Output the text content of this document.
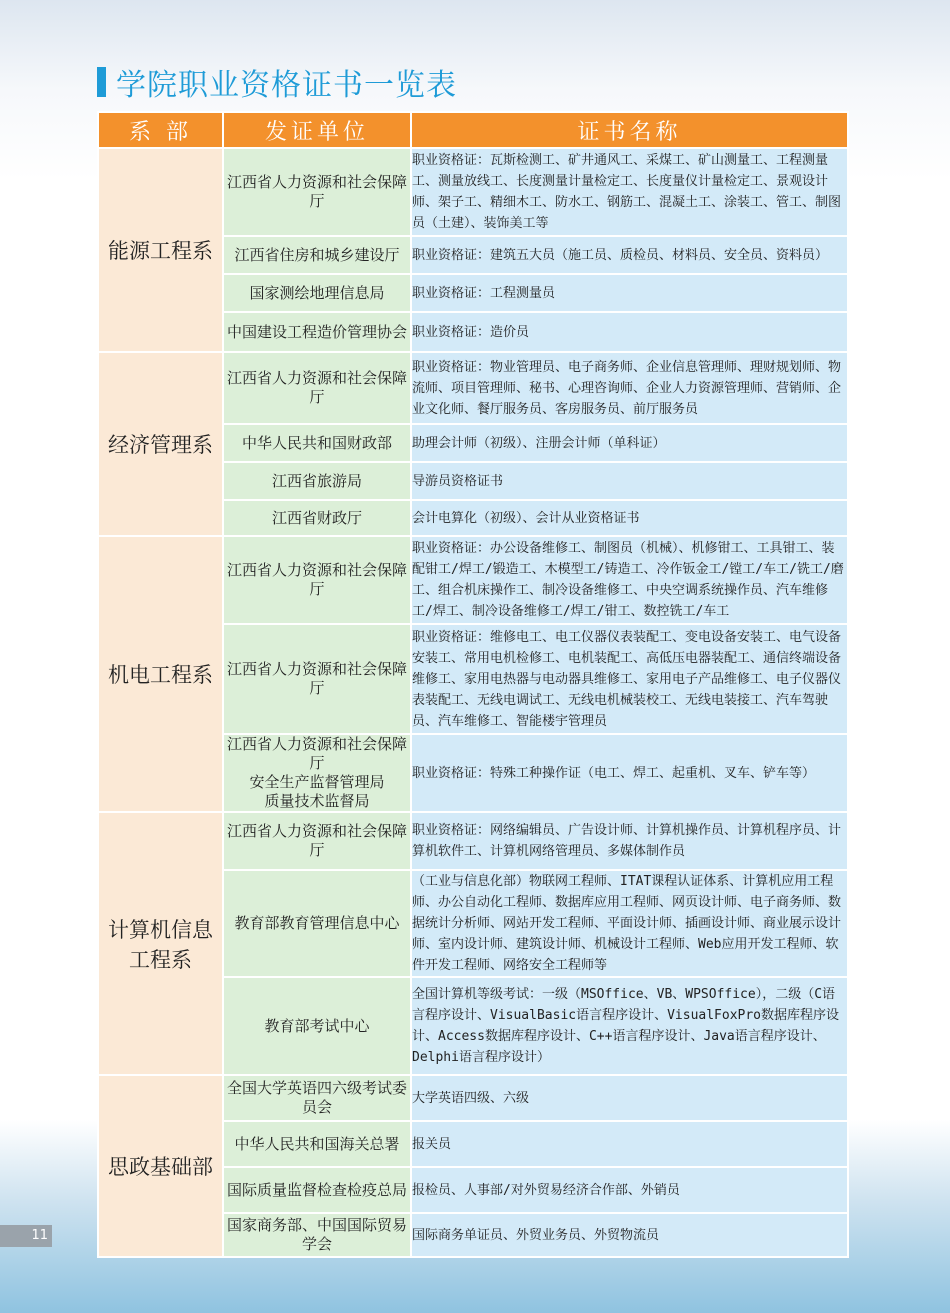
学院职业资格证书一览表
系 部	发证单位	证书名称
能源工程系	江西省人力资源和社会保障厅	职业资格证：瓦斯检测工、矿井通风工、采煤工、矿山测量工、工程测量工、测量放线工、长度测量计量检定工、长度量仪计量检定工、景观设计师、架子工、精细木工、防水工、钢筋工、混凝土工、涂装工、管工、制图员（土建）、装饰美工等

	江西省住房和城乡建设厅	职业资格证：建筑五大员（施工员、质检员、材料员、安全员、资料员）

	国家测绘地理信息局	职业资格证：工程测量员

	中国建设工程造价管理协会	职业资格证：造价员
经济管理系	江西省人力资源和社会保障厅	职业资格证：物业管理员、电子商务师、企业信息管理师、理财规划师、物流师、项目管理师、秘书、心理咨询师、企业人力资源管理师、营销师、企业文化师、餐厅服务员、客房服务员、前厅服务员

	中华人民共和国财政部	助理会计师（初级）、注册会计师（单科证）

	江西省旅游局	导游员资格证书

	江西省财政厅	会计电算化（初级）、会计从业资格证书
机电工程系	江西省人力资源和社会保障厅	职业资格证：办公设备维修工、制图员（机械）、机修钳工、工具钳工、装配钳工/焊工/锻造工、木模型工/铸造工、冷作钣金工/镗工/车工/铣工/磨工、组合机床操作工、制冷设备维修工、中央空调系统操作员、汽车维修工/焊工、制冷设备维修工/焊工/钳工、数控铣工/车工

	江西省人力资源和社会保障厅	职业资格证：维修电工、电工仪器仪表装配工、变电设备安装工、电气设备安装工、常用电机检修工、电机装配工、高低压电器装配工、通信终端设备维修工、家用电热器与电动器具维修工、家用电子产品维修工、电子仪器仪表装配工、无线电调试工、无线电机械装校工、无线电装接工、汽车驾驶员、汽车维修工、智能楼宇管理员

	江西省人力资源和社会保障厅
安全生产监督管理局
质量技术监督局	职业资格证：特殊工种操作证（电工、焊工、起重机、叉车、铲车等）
计算机信息工程系	江西省人力资源和社会保障厅	职业资格证：网络编辑员、广告设计师、计算机操作员、计算机程序员、计算机软件工、计算机网络管理员、多媒体制作员

	教育部教育管理信息中心	（工业与信息化部）物联网工程师、ITAT课程认证体系、计算机应用工程师、办公自动化工程师、数据库应用工程师、网页设计师、电子商务师、数据统计分析师、网站开发工程师、平面设计师、插画设计师、商业展示设计师、室内设计师、建筑设计师、机械设计工程师、Web应用开发工程师、软件开发工程师、网络安全工程师等

	教育部考试中心	全国计算机等级考试：一级（MSOffice、VB、WPSOffice），二级（C语言程序设计、VisualBasic语言程序设计、VisualFoxPro数据库程序设计、Access数据库程序设计、C++语言程序设计、Java语言程序设计、Delphi语言程序设计）
思政基础部	全国大学英语四六级考试委员会	大学英语四级、六级

	中华人民共和国海关总署	报关员

	国际质量监督检查检疫总局	报检员、人事部/对外贸易经济合作部、外销员

	国家商务部、中国国际贸易学会	国际商务单证员、外贸业务员、外贸物流员
11
